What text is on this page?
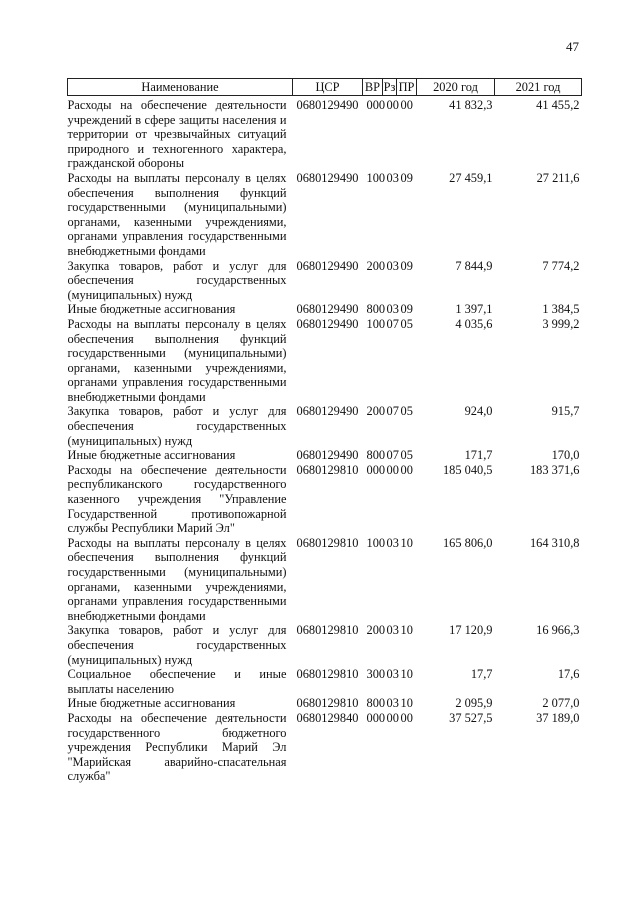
47
Наименование	ЦСР	ВР	Рз	ПР	2020 год	2021 год
Расходы на обеспечение деятельности учреждений в сфере защиты населения и территории от чрезвычайных ситуаций природного и техногенного характера, гражданской обороны	0680129490	000	00	00	41 832,3	41 455,2
Расходы на выплаты персоналу в целях обеспечения выполнения функций государственными (муниципальными) органами, казенными учреждениями, органами управления государственными внебюджетными фондами	0680129490	100	03	09	27 459,1	27 211,6
Закупка товаров, работ и услуг для обеспечения государственных (муниципальных) нужд	0680129490	200	03	09	7 844,9	7 774,2
Иные бюджетные ассигнования	0680129490	800	03	09	1 397,1	1 384,5
Расходы на выплаты персоналу в целях обеспечения выполнения функций государственными (муниципальными) органами, казенными учреждениями, органами управления государственными внебюджетными фондами	0680129490	100	07	05	4 035,6	3 999,2
Закупка товаров, работ и услуг для обеспечения государственных (муниципальных) нужд	0680129490	200	07	05	924,0	915,7
Иные бюджетные ассигнования	0680129490	800	07	05	171,7	170,0
Расходы на обеспечение деятельности республиканского государственного казенного учреждения "Управление Государственной противопожарной службы Республики Марий Эл"	0680129810	000	00	00	185 040,5	183 371,6
Расходы на выплаты персоналу в целях обеспечения выполнения функций государственными (муниципальными) органами, казенными учреждениями, органами управления государственными внебюджетными фондами	0680129810	100	03	10	165 806,0	164 310,8
Закупка товаров, работ и услуг для обеспечения государственных (муниципальных) нужд	0680129810	200	03	10	17 120,9	16 966,3
Социальное обеспечение и иные выплаты населению	0680129810	300	03	10	17,7	17,6
Иные бюджетные ассигнования	0680129810	800	03	10	2 095,9	2 077,0
Расходы на обеспечение деятельности государственного бюджетного учреждения Республики Марий Эл "Марийская аварийно-спасательная служба"	0680129840	000	00	00	37 527,5	37 189,0
